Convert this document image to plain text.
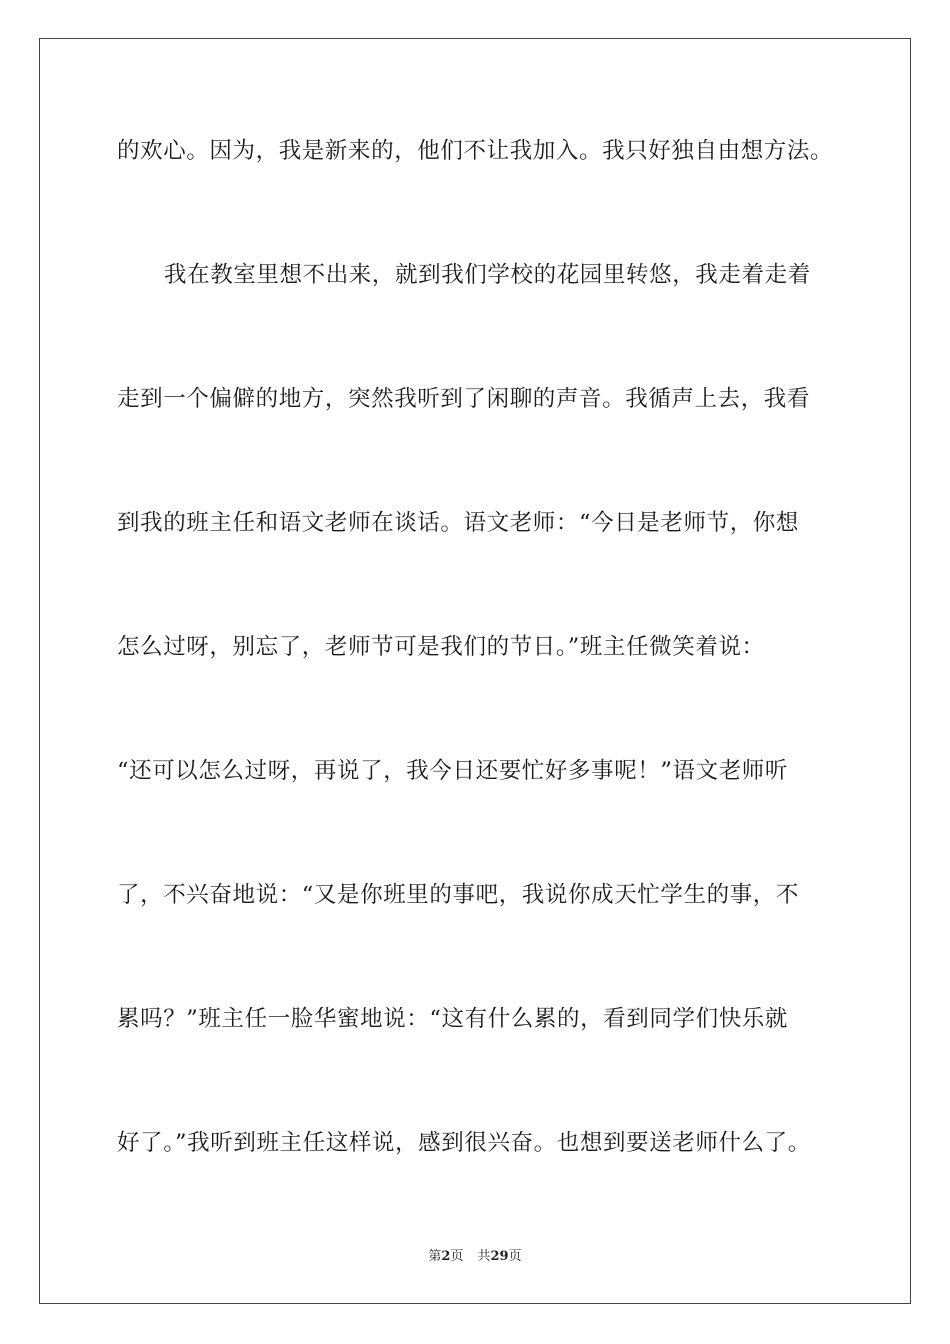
的欢心。因为，我是新来的，他们不让我加入。我只好独自由想方法。
我在教室里想不出来，就到我们学校的花园里转悠，我走着走着
走到一个偏僻的地方，突然我听到了闲聊的声音。我循声上去，我看
到我的班主任和语文老师在谈话。语文老师：“今日是老师节，你想
怎么过呀，别忘了，老师节可是我们的节日。”班主任微笑着说：
“还可以怎么过呀，再说了，我今日还要忙好多事呢！”语文老师听
了，不兴奋地说：“又是你班里的事吧，我说你成天忙学生的事，不
累吗？”班主任一脸华蜜地说：“这有什么累的，看到同学们快乐就
好了。”我听到班主任这样说，感到很兴奋。也想到要送老师什么了。
第2页 共29页
